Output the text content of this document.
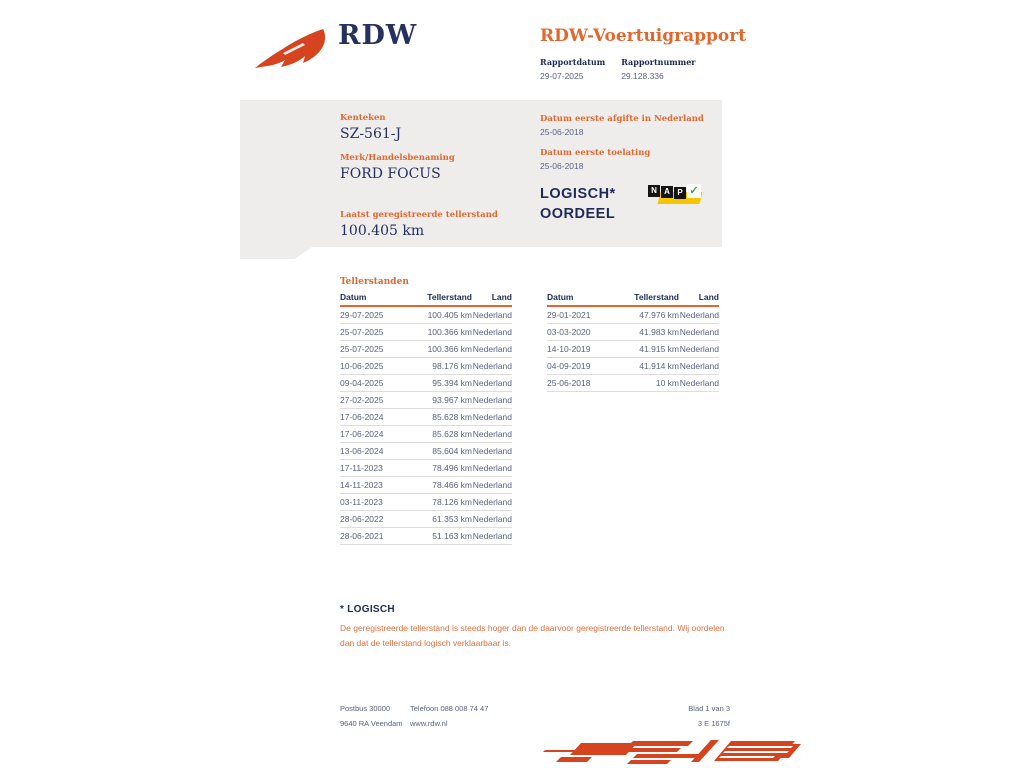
RDW	RDW-Voertuigrapport
Rapportdatum
29-07-2025
Rapportnummer
29.128.336
Kenteken
SZ-561-J
Merk/Handelsbenaming
FORD FOCUS
Laatst geregistreerde tellerstand
100.405 km
Datum eerste afgifte in Nederland
25-06-2018
Datum eerste toelating
25-06-2018
LOGISCH*
OORDEEL
N A P ✓
Tellerstanden
Datum	Tellerstand	Land
29-07-2025	100.405 km	Nederland
25-07-2025	100.366 km	Nederland
25-07-2025	100.366 km	Nederland
10-06-2025	98.176 km	Nederland
09-04-2025	95.394 km	Nederland
27-02-2025	93.967 km	Nederland
17-06-2024	85.628 km	Nederland
17-06-2024	85.628 km	Nederland
13-06-2024	85.604 km	Nederland
17-11-2023	78.496 km	Nederland
14-11-2023	78.466 km	Nederland
03-11-2023	78.126 km	Nederland
28-06-2022	61.353 km	Nederland
28-06-2021	51.163 km	Nederland
Datum	Tellerstand	Land
29-01-2021	47.976 km	Nederland
03-03-2020	41.983 km	Nederland
14-10-2019	41.915 km	Nederland
04-09-2019	41.914 km	Nederland
25-06-2018	10 km	Nederland
* LOGISCH
De geregistreerde tellerstand is steeds hoger dan de daarvoor geregistreerde tellerstand. Wij oordelen dan dat de tellerstand logisch verklaarbaar is.
Postbus 30000
9640 RA Veendam
Telefoon 088 008 74 47
www.rdw.nl
Blad 1 van 3
3 E 1675f
